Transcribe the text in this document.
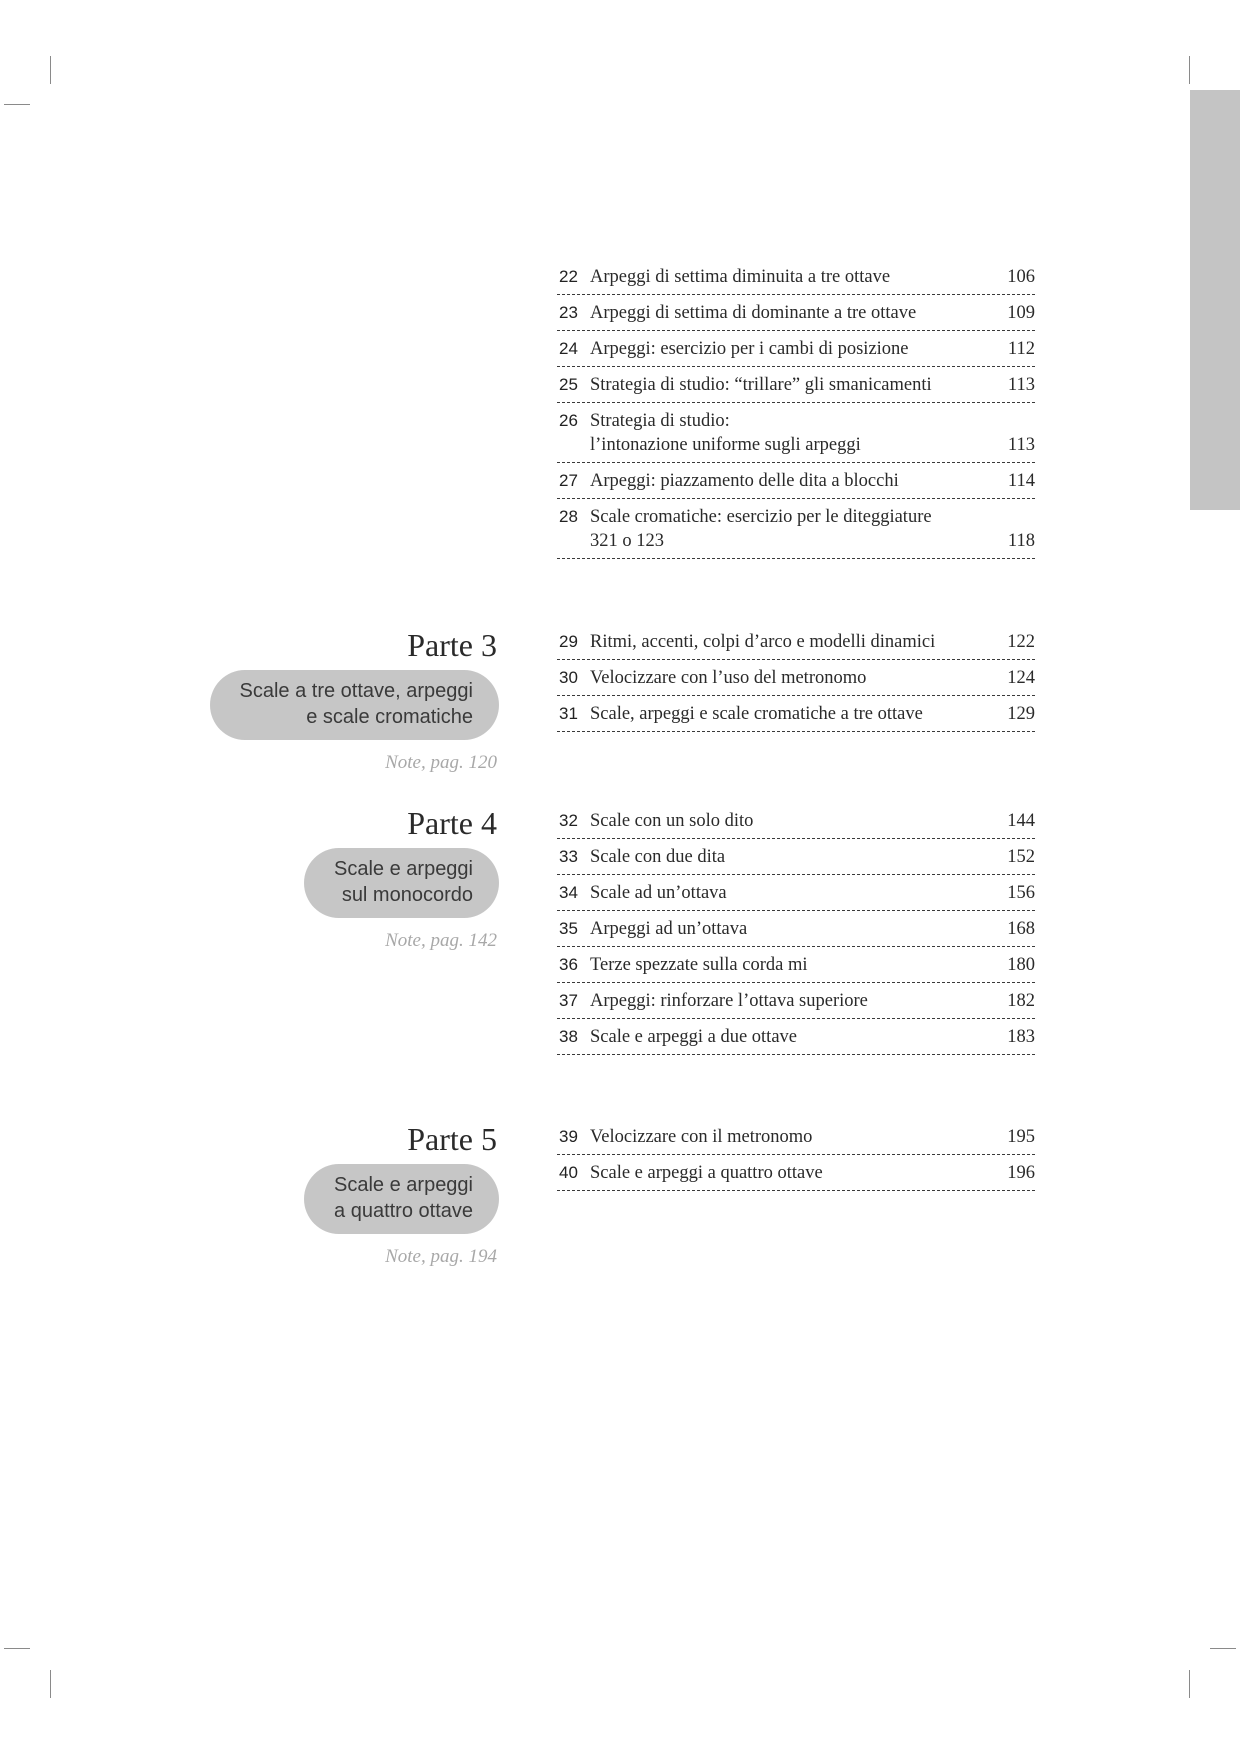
22 Arpeggi di settima diminuita a tre ottave	106
23 Arpeggi di settima di dominante a tre ottave	109
24 Arpeggi: esercizio per i cambi di posizione	112
25 Strategia di studio: “trillare” gli smanicamenti	113
26 Strategia di studio:
l’intonazione uniforme sugli arpeggi	113
27 Arpeggi: piazzamento delle dita a blocchi	114
28 Scale cromatiche: esercizio per le diteggiature
321 o 123	118
Parte 3
Scale a tre ottave, arpeggi
e scale cromatiche
Note, pag. 120
29 Ritmi, accenti, colpi d’arco e modelli dinamici	122
30 Velocizzare con l’uso del metronomo	124
31 Scale, arpeggi e scale cromatiche a tre ottave	129
Parte 4
Scale e arpeggi
sul monocordo
Note, pag. 142
32 Scale con un solo dito	144
33 Scale con due dita	152
34 Scale ad un’ottava	156
35 Arpeggi ad un’ottava	168
36 Terze spezzate sulla corda mi	180
37 Arpeggi: rinforzare l’ottava superiore	182
38 Scale e arpeggi a due ottave	183
Parte 5
Scale e arpeggi
a quattro ottave
Note, pag. 194
39 Velocizzare con il metronomo	195
40 Scale e arpeggi a quattro ottave	196
